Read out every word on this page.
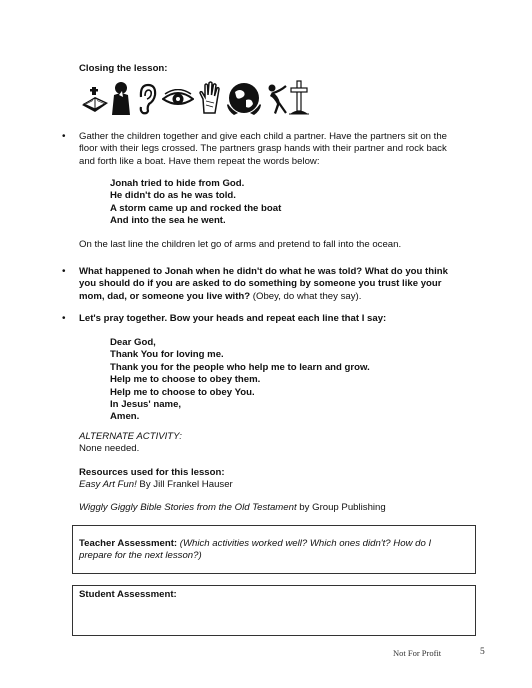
Closing the lesson:
• Gather the children together and give each child a partner. Have the partners sit on the
floor with their legs crossed. The partners grasp hands with their partner and rock back
and forth like a boat. Have them repeat the words below:
Jonah tried to hide from God.
He didn't do as he was told.
A storm came up and rocked the boat
And into the sea he went.
On the last line the children let go of arms and pretend to fall into the ocean.
• What happened to Jonah when he didn't do what he was told? What do you think
you should do if you are asked to do something by someone you trust like your
mom, dad, or someone you live with? (Obey, do what they say).
• Let's pray together. Bow your heads and repeat each line that I say:
Dear God,
Thank You for loving me.
Thank you for the people who help me to learn and grow.
Help me to choose to obey them.
Help me to choose to obey You.
In Jesus' name,
Amen.
ALTERNATE ACTIVITY:
None needed.
Resources used for this lesson:
Easy Art Fun! By Jill Frankel Hauser
Wiggly Giggly Bible Stories from the Old Testament by Group Publishing
Teacher Assessment: (Which activities worked well? Which ones didn't? How do I
prepare for the next lesson?)
Student Assessment:
Not For Profit	5
